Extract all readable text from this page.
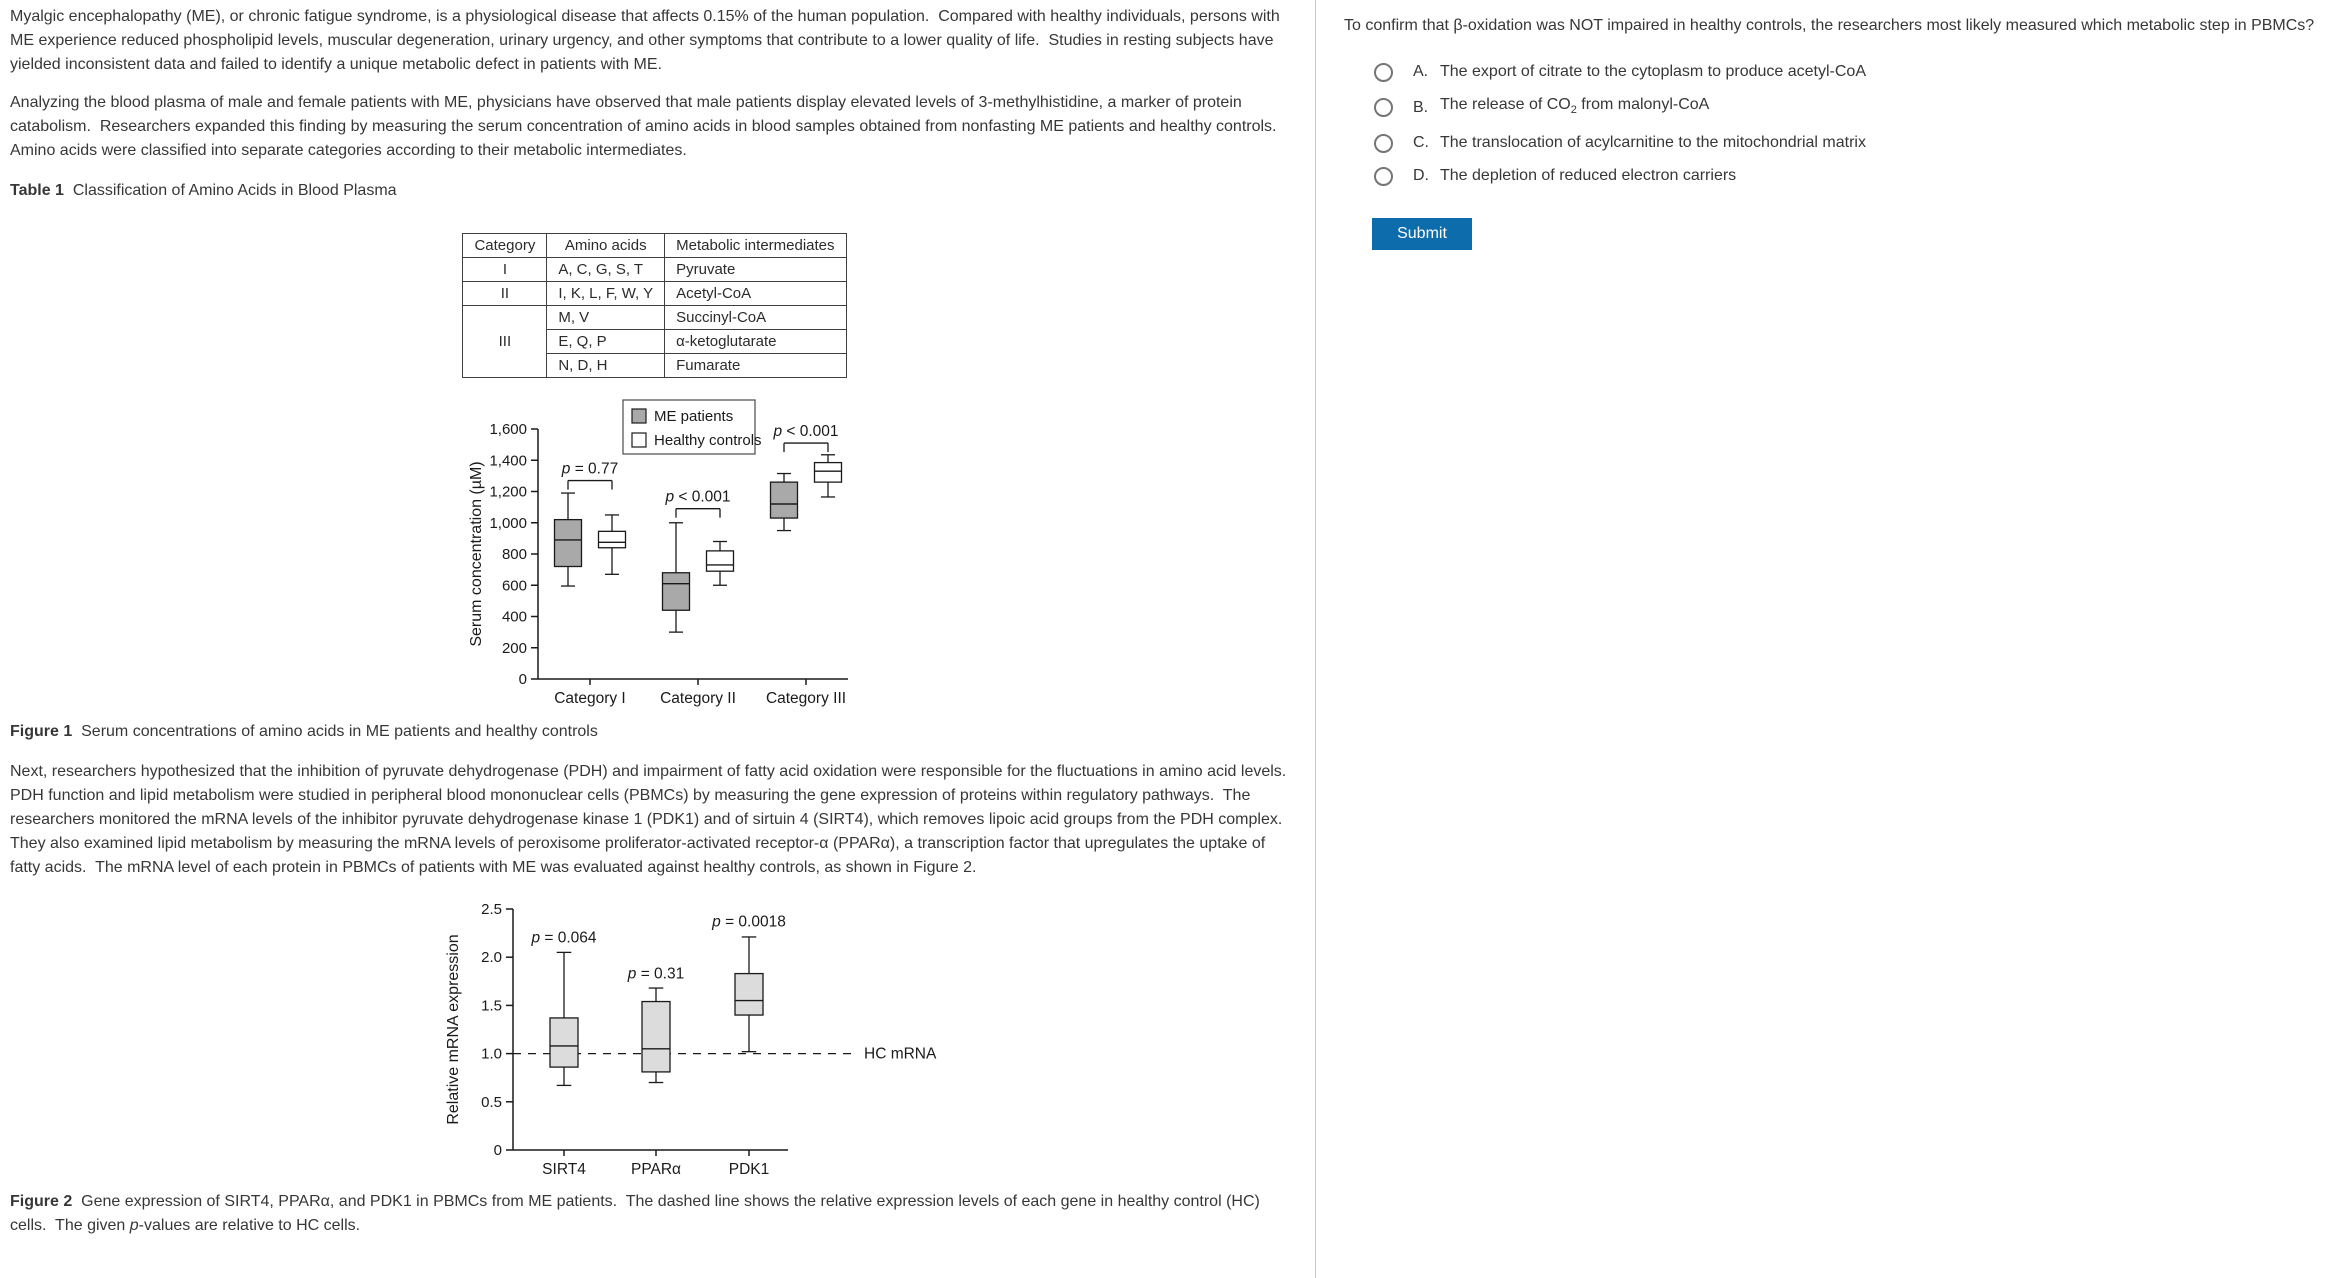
Myalgic encephalopathy (ME), or chronic fatigue syndrome, is a physiological disease that affects 0.15% of the human population.  Compared with healthy individuals, persons with ME experience reduced phospholipid levels, muscular degeneration, urinary urgency, and other symptoms that contribute to a lower quality of life.  Studies in resting subjects have yielded inconsistent data and failed to identify a unique metabolic defect in patients with ME.

Analyzing the blood plasma of male and female patients with ME, physicians have observed that male patients display elevated levels of 3-methylhistidine, a marker of protein catabolism.  Researchers expanded this finding by measuring the serum concentration of amino acids in blood samples obtained from nonfasting ME patients and healthy controls.  Amino acids were classified into separate categories according to their metabolic intermediates.

Table 1  Classification of Amino Acids in Blood Plasma

Category	Amino acids	Metabolic intermediates
I	A, C, G, S, T	Pyruvate
II	I, K, L, F, W, Y	Acetyl-CoA
III	M, V	Succinyl-CoA
	E, Q, P	α-ketoglutarate
	N, D, H	Fumarate
0
200
400
600
800
1,000
1,200
1,400
1,600
Category I Category II Category III
Serum concentration (µM)	p = 0.77
p < 0.001
p < 0.001
ME patients
Healthy controls

Figure 1  Serum concentrations of amino acids in ME patients and healthy controls

Next, researchers hypothesized that the inhibition of pyruvate dehydrogenase (PDH) and impairment of fatty acid oxidation were responsible for the fluctuations in amino acid levels.  PDH function and lipid metabolism were studied in peripheral blood mononuclear cells (PBMCs) by measuring the gene expression of proteins within regulatory pathways.  The researchers monitored the mRNA levels of the inhibitor pyruvate dehydrogenase kinase 1 (PDK1) and of sirtuin 4 (SIRT4), which removes lipoic acid groups from the PDH complex.  They also examined lipid metabolism by measuring the mRNA levels of peroxisome proliferator-activated receptor-α (PPARα), a transcription factor that upregulates the uptake of fatty acids.  The mRNA level of each protein in PBMCs of patients with ME was evaluated against healthy controls, as shown in Figure 2.

HC mRNA
0
0.5
1.0
1.5
2.0
2.5
SIRT4	PPARα	PDK1
Relative mRNA expression	p = 0.064
p = 0.31
p = 0.0018

Figure 2  Gene expression of SIRT4, PPARα, and PDK1 in PBMCs from ME patients.  The dashed line shows the relative expression levels of each gene in healthy control (HC) cells.  The given p-values are relative to HC cells.

To confirm that β-oxidation was NOT impaired in healthy controls, the researchers most likely measured which metabolic step in PBMCs?

A. The export of citrate to the cytoplasm to produce acetyl-CoA
B. The release of $CO_2$ from malonyl-CoA
C. The translocation of acylcarnitine to the mitochondrial matrix
D. The depletion of reduced electron carriers
Submit
